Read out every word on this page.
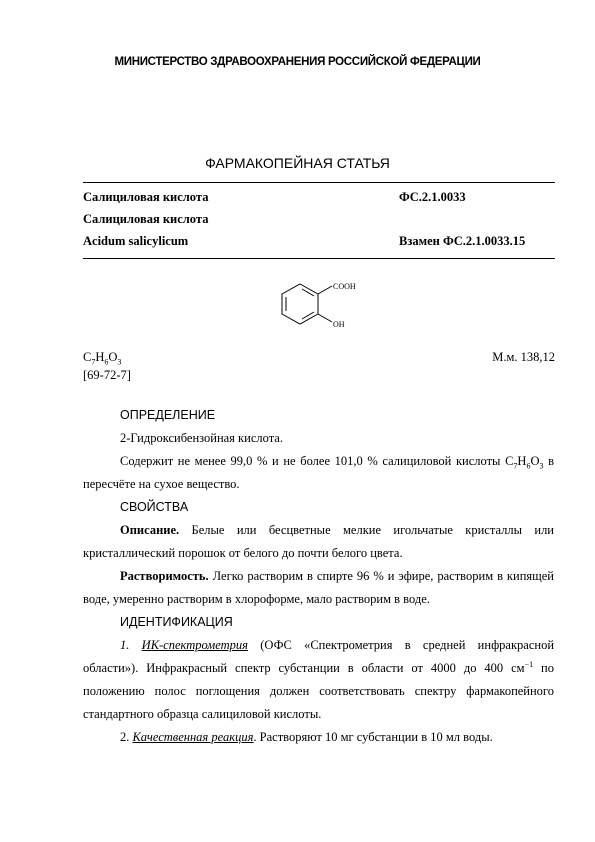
МИНИСТЕРСТВО ЗДРАВООХРАНЕНИЯ РОССИЙСКОЙ ФЕДЕРАЦИИ
ФАРМАКОПЕЙНАЯ СТАТЬЯ
Салициловая кислота	ФС.2.1.0033
Салициловая кислота
Acidum salicylicum	Взамен ФС.2.1.0033.15
COOH
OH
$C_7H_6O_3$	М.м. 138,12
[69-72-7]
ОПРЕДЕЛЕНИЕ
2-Гидроксибензойная кислота.
Содержит не менее 99,0 % и не более 101,0 % салициловой кислоты $C_7H_6O_3$ в пересчёте на сухое вещество.
СВОЙСТВА
Описание. Белые или бесцветные мелкие игольчатые кристаллы или кристаллический порошок от белого до почти белого цвета.
Растворимость. Легко растворим в спирте 96 % и эфире, растворим в кипящей воде, умеренно растворим в хлороформе, мало растворим в воде.
ИДЕНТИФИКАЦИЯ
1. ИК-спектрометрия (ОФС «Спектрометрия в средней инфракрасной области»). Инфракрасный спектр субстанции в области от 4000 до 400 $см^{-1}$ по положению полос поглощения должен соответствовать спектру фармакопейного стандартного образца салициловой кислоты.
2. Качественная реакция. Растворяют 10 мг субстанции в 10 мл воды.
